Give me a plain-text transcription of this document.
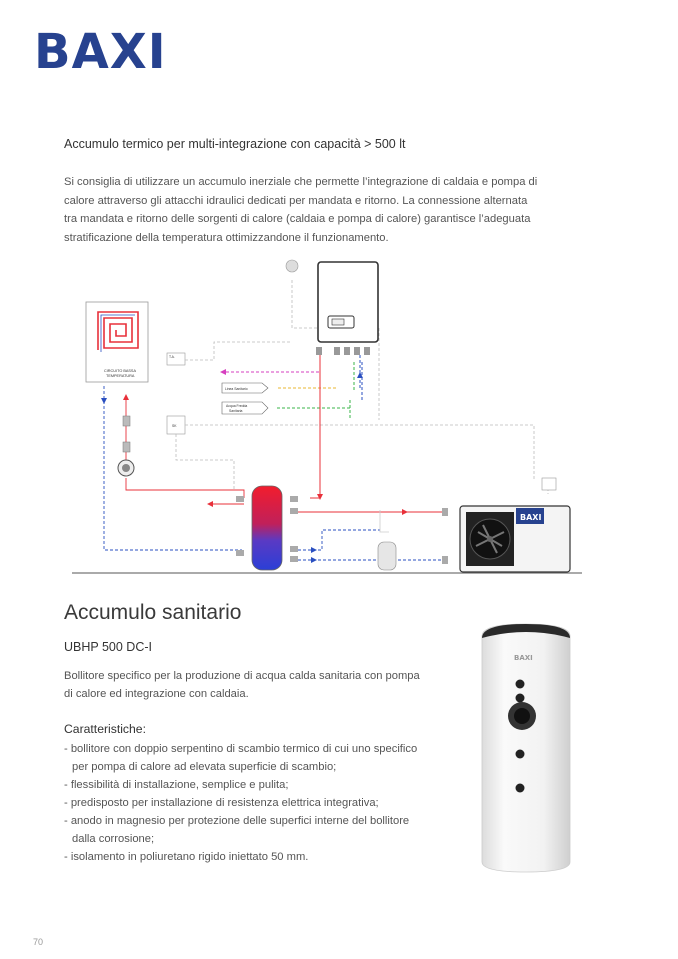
BAXI
Accumulo termico per multi-integrazione con capacità > 500 lt

Si consiglia di utilizzare un accumulo inerziale che permette l’integrazione di caldaia e pompa di
calore attraverso gli attacchi idraulici dedicati per mandata e ritorno. La connessione alternata
tra mandata e ritorno delle sorgenti di calore (caldaia e pompa di calore) garantisce l’adeguata
stratificazione della temperatura ottimizzandone il funzionamento.

CIRCUITO BASSA
TEMPERATURA
T.A.
SK
Linea Sanitario
Acqua Fredda
Sanitaria
BAXI
Accumulo sanitario
UBHP 500 DC-I

Bollitore specifico per la produzione di acqua calda sanitaria con pompa
di calore ed integrazione con caldaia.

Caratteristiche:
- bollitore con doppio serpentino di scambio termico di cui uno specifico
per pompa di calore ad elevata superficie di scambio;
- flessibilità di installazione, semplice e pulita;
- predisposto per installazione di resistenza elettrica integrativa;
- anodo in magnesio per protezione delle superfici interne del bollitore
dalla corrosione;
- isolamento in poliuretano rigido iniettato 50 mm.
BAXI
70
